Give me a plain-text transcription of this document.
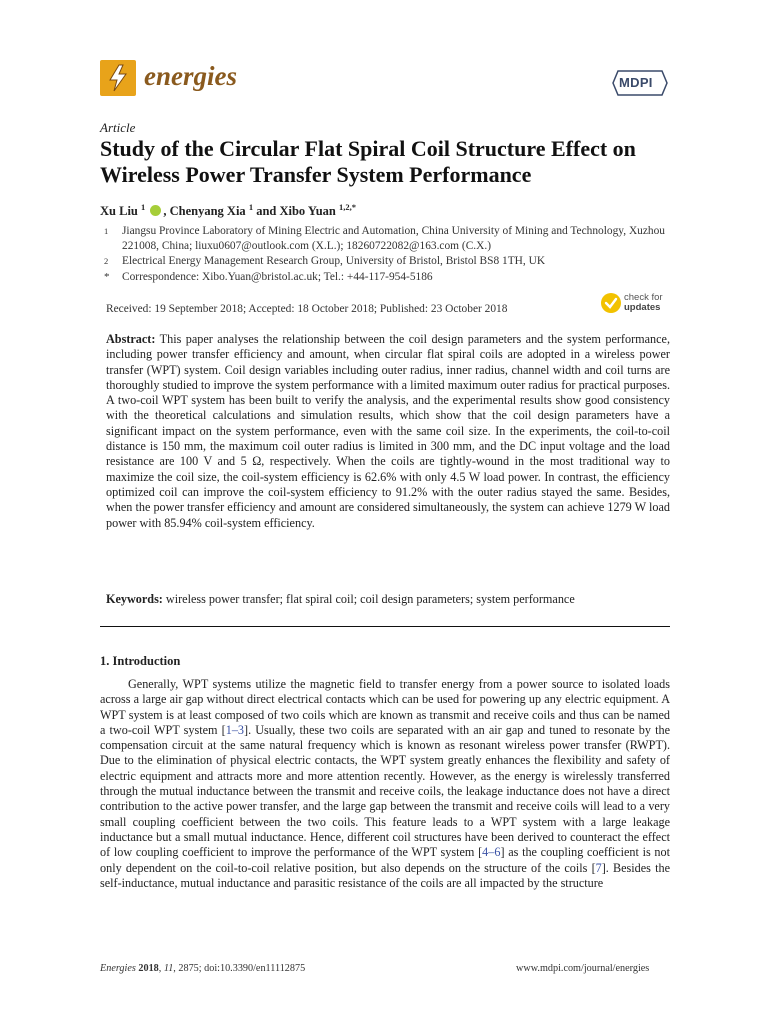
energies	MDPI
Article
Study of the Circular Flat Spiral Coil Structure Effect on Wireless Power Transfer System Performance
Xu Liu $^1$ , Chenyang Xia $^1$ and Xibo Yuan $^{1,2,*}$
1 Jiangsu Province Laboratory of Mining Electric and Automation, China University of Mining and Technology, Xuzhou 221008, China; liuxu0607@outlook.com (X.L.); 18260722082@163.com (C.X.)
2 Electrical Energy Management Research Group, University of Bristol, Bristol BS8 1TH, UK
* Correspondence: Xibo.Yuan@bristol.ac.uk; Tel.: +44-117-954-5186
Received: 19 September 2018; Accepted: 18 October 2018; Published: 23 October 2018
check for
updates
Abstract: This paper analyses the relationship between the coil design parameters and the system performance, including power transfer efficiency and amount, when circular flat spiral coils are adopted in a wireless power transfer (WPT) system. Coil design variables including outer radius, inner radius, channel width and coil turns are thoroughly studied to improve the system performance with a limited maximum outer radius for practical purposes. A two-coil WPT system has been built to verify the analysis, and the experimental results show good consistency with the theoretical calculations and simulation results, which show that the coil design parameters have a significant impact on the system performance, even with the same coil size. In the experiments, the coil-to-coil distance is 150 mm, the maximum coil outer radius is limited in 300 mm, and the DC input voltage and the load resistance are 100 V and 5 Ω, respectively. When the coils are tightly-wound in the most traditional way to maximize the coil size, the coil-system efficiency is 62.6% with only 4.5 W load power. In contrast, the efficiency optimized coil can improve the coil-system efficiency to 91.2% with the outer radius stayed the same. Besides, when the power transfer efficiency and amount are considered simultaneously, the system can achieve 1279 W load power with 85.94% coil-system efficiency.
Keywords: wireless power transfer; flat spiral coil; coil design parameters; system performance
1. Introduction
Generally, WPT systems utilize the magnetic field to transfer energy from a power source to isolated loads across a large air gap without direct electrical contacts which can be used for powering up any electric equipment. A WPT system is at least composed of two coils which are known as transmit and receive coils and thus can be named a two-coil WPT system [1–3]. Usually, these two coils are separated with an air gap and tuned to resonate by the compensation circuit at the same natural frequency which is known as resonant wireless power transfer (RWPT). Due to the elimination of physical electric contacts, the WPT system greatly enhances the flexibility and safety of electric equipment and attracts more and more attention recently. However, as the energy is wirelessly transferred through the mutual inductance between the transmit and receive coils, the leakage inductance does not have a direct contribution to the active power transfer, and the large gap between the transmit and receive coils will lead to a very small coupling coefficient between the two coils. This feature leads to a WPT system with a large leakage inductance but a small mutual inductance. Hence, different coil structures have been derived to counteract the effect of low coupling coefficient to improve the performance of the WPT system [4–6] as the coupling coefficient is not only dependent on the coil-to-coil relative position, but also depends on the structure of the coils [7]. Besides the self-inductance, mutual inductance and parasitic resistance of the coils are all impacted by the structure
Energies 2018, 11, 2875; doi:10.3390/en11112875	www.mdpi.com/journal/energies
